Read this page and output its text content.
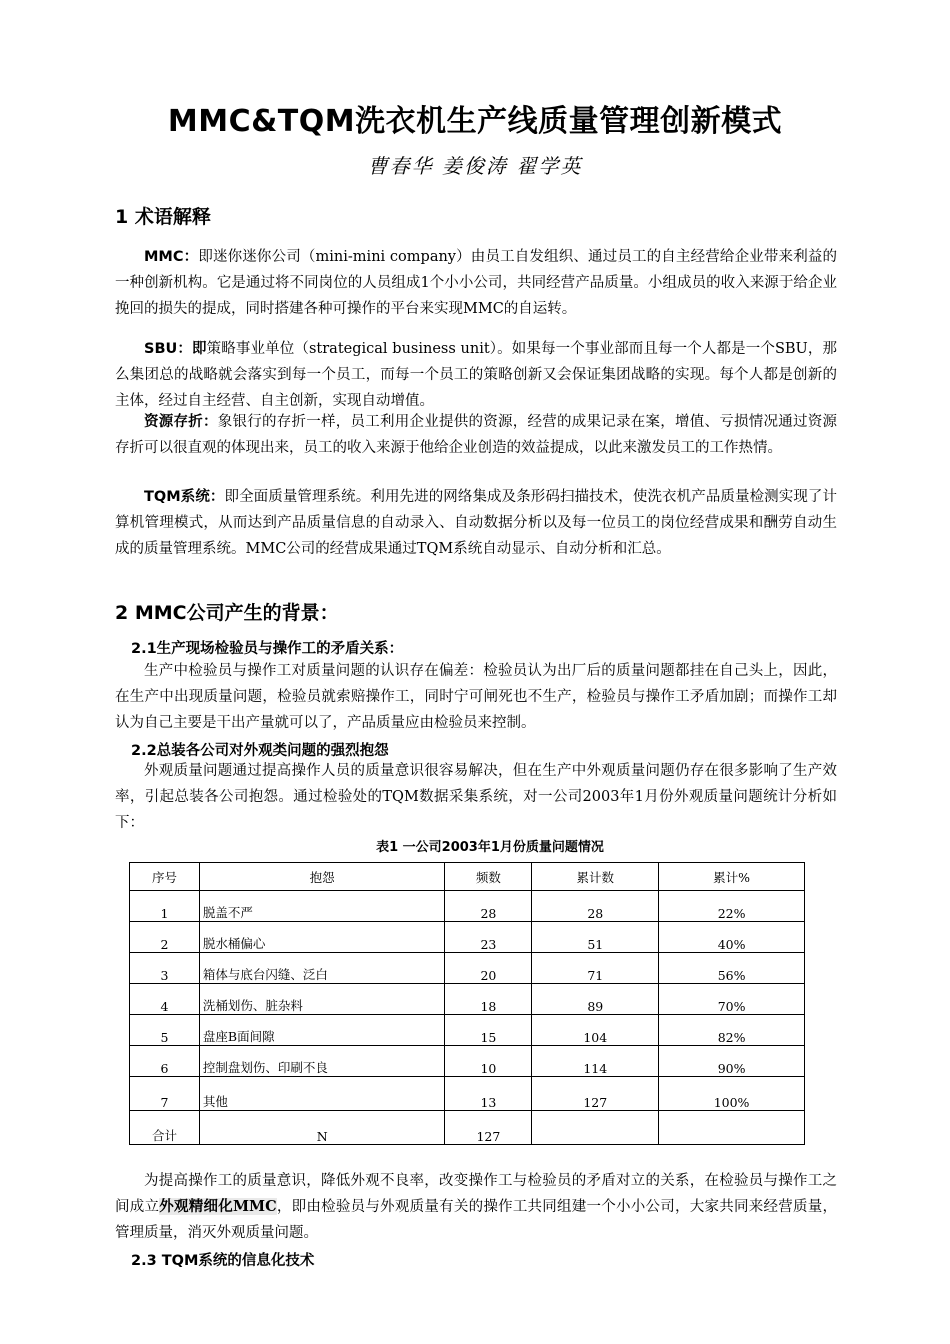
MMC&TQM洗衣机生产线质量管理创新模式
曹春华 姜俊涛 翟学英
1 术语解释

MMC：即迷你迷你公司（mini-mini company）由员工自发组织、通过员工的自主经营给企业带来利益的一种创新机构。它是通过将不同岗位的人员组成1个小小公司，共同经营产品质量。小组成员的收入来源于给企业挽回的损失的提成，同时搭建各种可操作的平台来实现MMC的自运转。

SBU：即策略事业单位（strategical business unit）。如果每一个事业部而且每一个人都是一个SBU，那么集团总的战略就会落实到每一个员工，而每一个员工的策略创新又会保证集团战略的实现。每个人都是创新的主体，经过自主经营、自主创新，实现自动增值。

资源存折：象银行的存折一样，员工利用企业提供的资源，经营的成果记录在案，增值、亏损情况通过资源存折可以很直观的体现出来，员工的收入来源于他给企业创造的效益提成，以此来激发员工的工作热情。

TQM系统：即全面质量管理系统。利用先进的网络集成及条形码扫描技术，使洗衣机产品质量检测实现了计算机管理模式，从而达到产品质量信息的自动录入、自动数据分析以及每一位员工的岗位经营成果和酬劳自动生成的质量管理系统。MMC公司的经营成果通过TQM系统自动显示、自动分析和汇总。

2 MMC公司产生的背景：
2.1生产现场检验员与操作工的矛盾关系：

生产中检验员与操作工对质量问题的认识存在偏差：检验员认为出厂后的质量问题都挂在自己头上，因此，在生产中出现质量问题，检验员就索赔操作工，同时宁可闸死也不生产，检验员与操作工矛盾加剧；而操作工却认为自己主要是干出产量就可以了，产品质量应由检验员来控制。

2.2总装各公司对外观类问题的强烈抱怨

外观质量问题通过提高操作人员的质量意识很容易解决，但在生产中外观质量问题仍存在很多影响了生产效率，引起总装各公司抱怨。通过检验处的TQM数据采集系统，对一公司2003年1月份外观质量问题统计分析如下：

表1 一公司2003年1月份质量问题情况
序号	抱怨	频数	累计数	累计%
1	脱盖不严	28	28	22%
2	脱水桶偏心	23	51	40%
3	箱体与底台闪缝、泛白	20	71	56%
4	洗桶划伤、脏杂料	18	89	70%
5	盘座B面间隙	15	104	82%
6	控制盘划伤、印刷不良	10	114	90%
7	其他	13	127	100%
合计	N	127		

为提高操作工的质量意识，降低外观不良率，改变操作工与检验员的矛盾对立的关系，在检验员与操作工之间成立外观精细化MMC，即由检验员与外观质量有关的操作工共同组建一个小小公司，大家共同来经营质量，管理质量，消灭外观质量问题。

2.3 TQM系统的信息化技术
